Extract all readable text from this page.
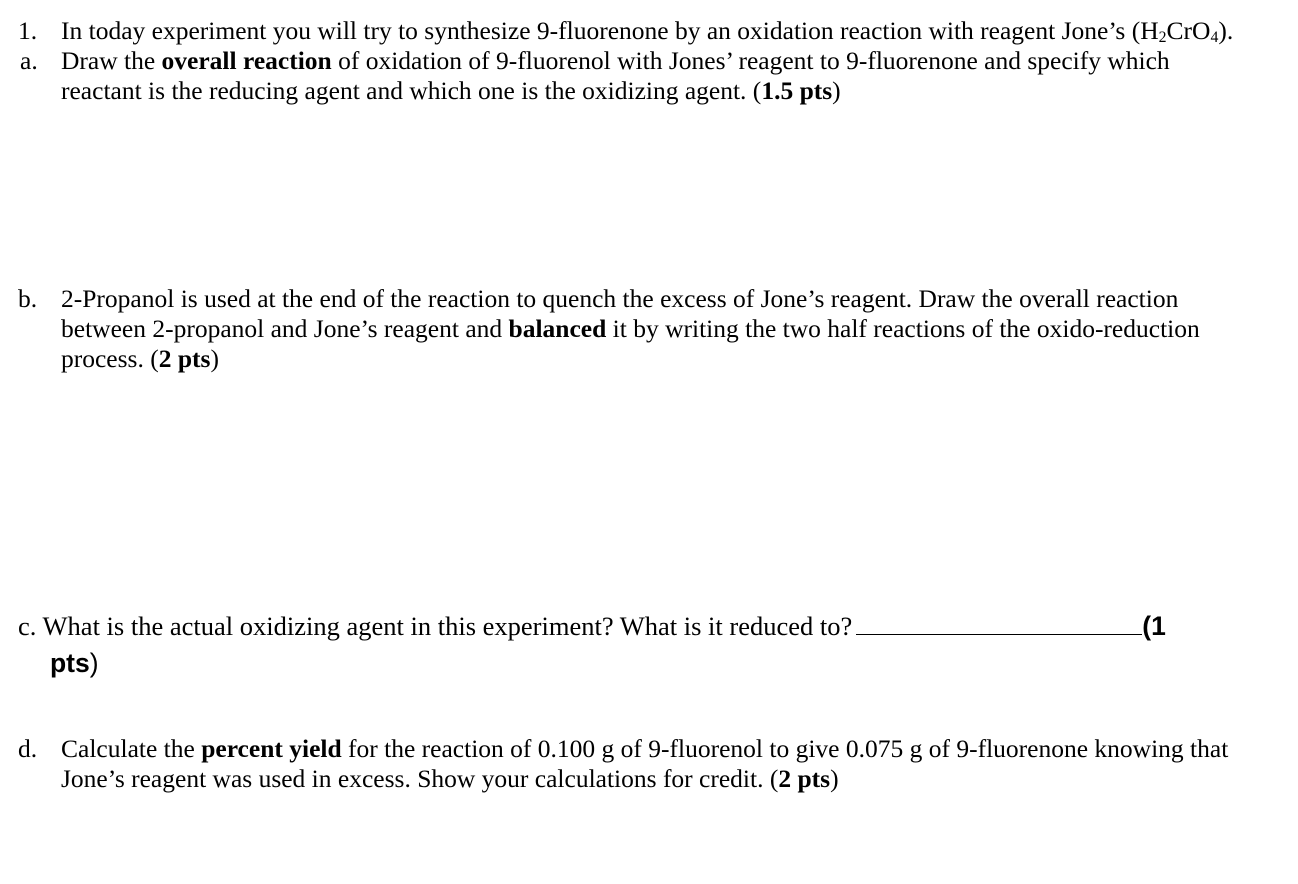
1. In today experiment you will try to synthesize 9-fluorenone by an oxidation reaction with reagent Jone’s $(H_2CrO_4)$.
a. Draw the overall reaction of oxidation of 9-fluorenol with Jones’ reagent to 9-fluorenone and specify which
reactant is the reducing agent and which one is the oxidizing agent. (1.5 pts)
b. 2-Propanol is used at the end of the reaction to quench the excess of Jone’s reagent. Draw the overall reaction
between 2-propanol and Jone’s reagent and balanced it by writing the two half reactions of the oxido-reduction
process. (2 pts)
c. What is the actual oxidizing agent in this experiment? What is it reduced to?	(1
pts)
d. Calculate the percent yield for the reaction of 0.100 g of 9-fluorenol to give 0.075 g of 9-fluorenone knowing that
Jone’s reagent was used in excess. Show your calculations for credit. (2 pts)
